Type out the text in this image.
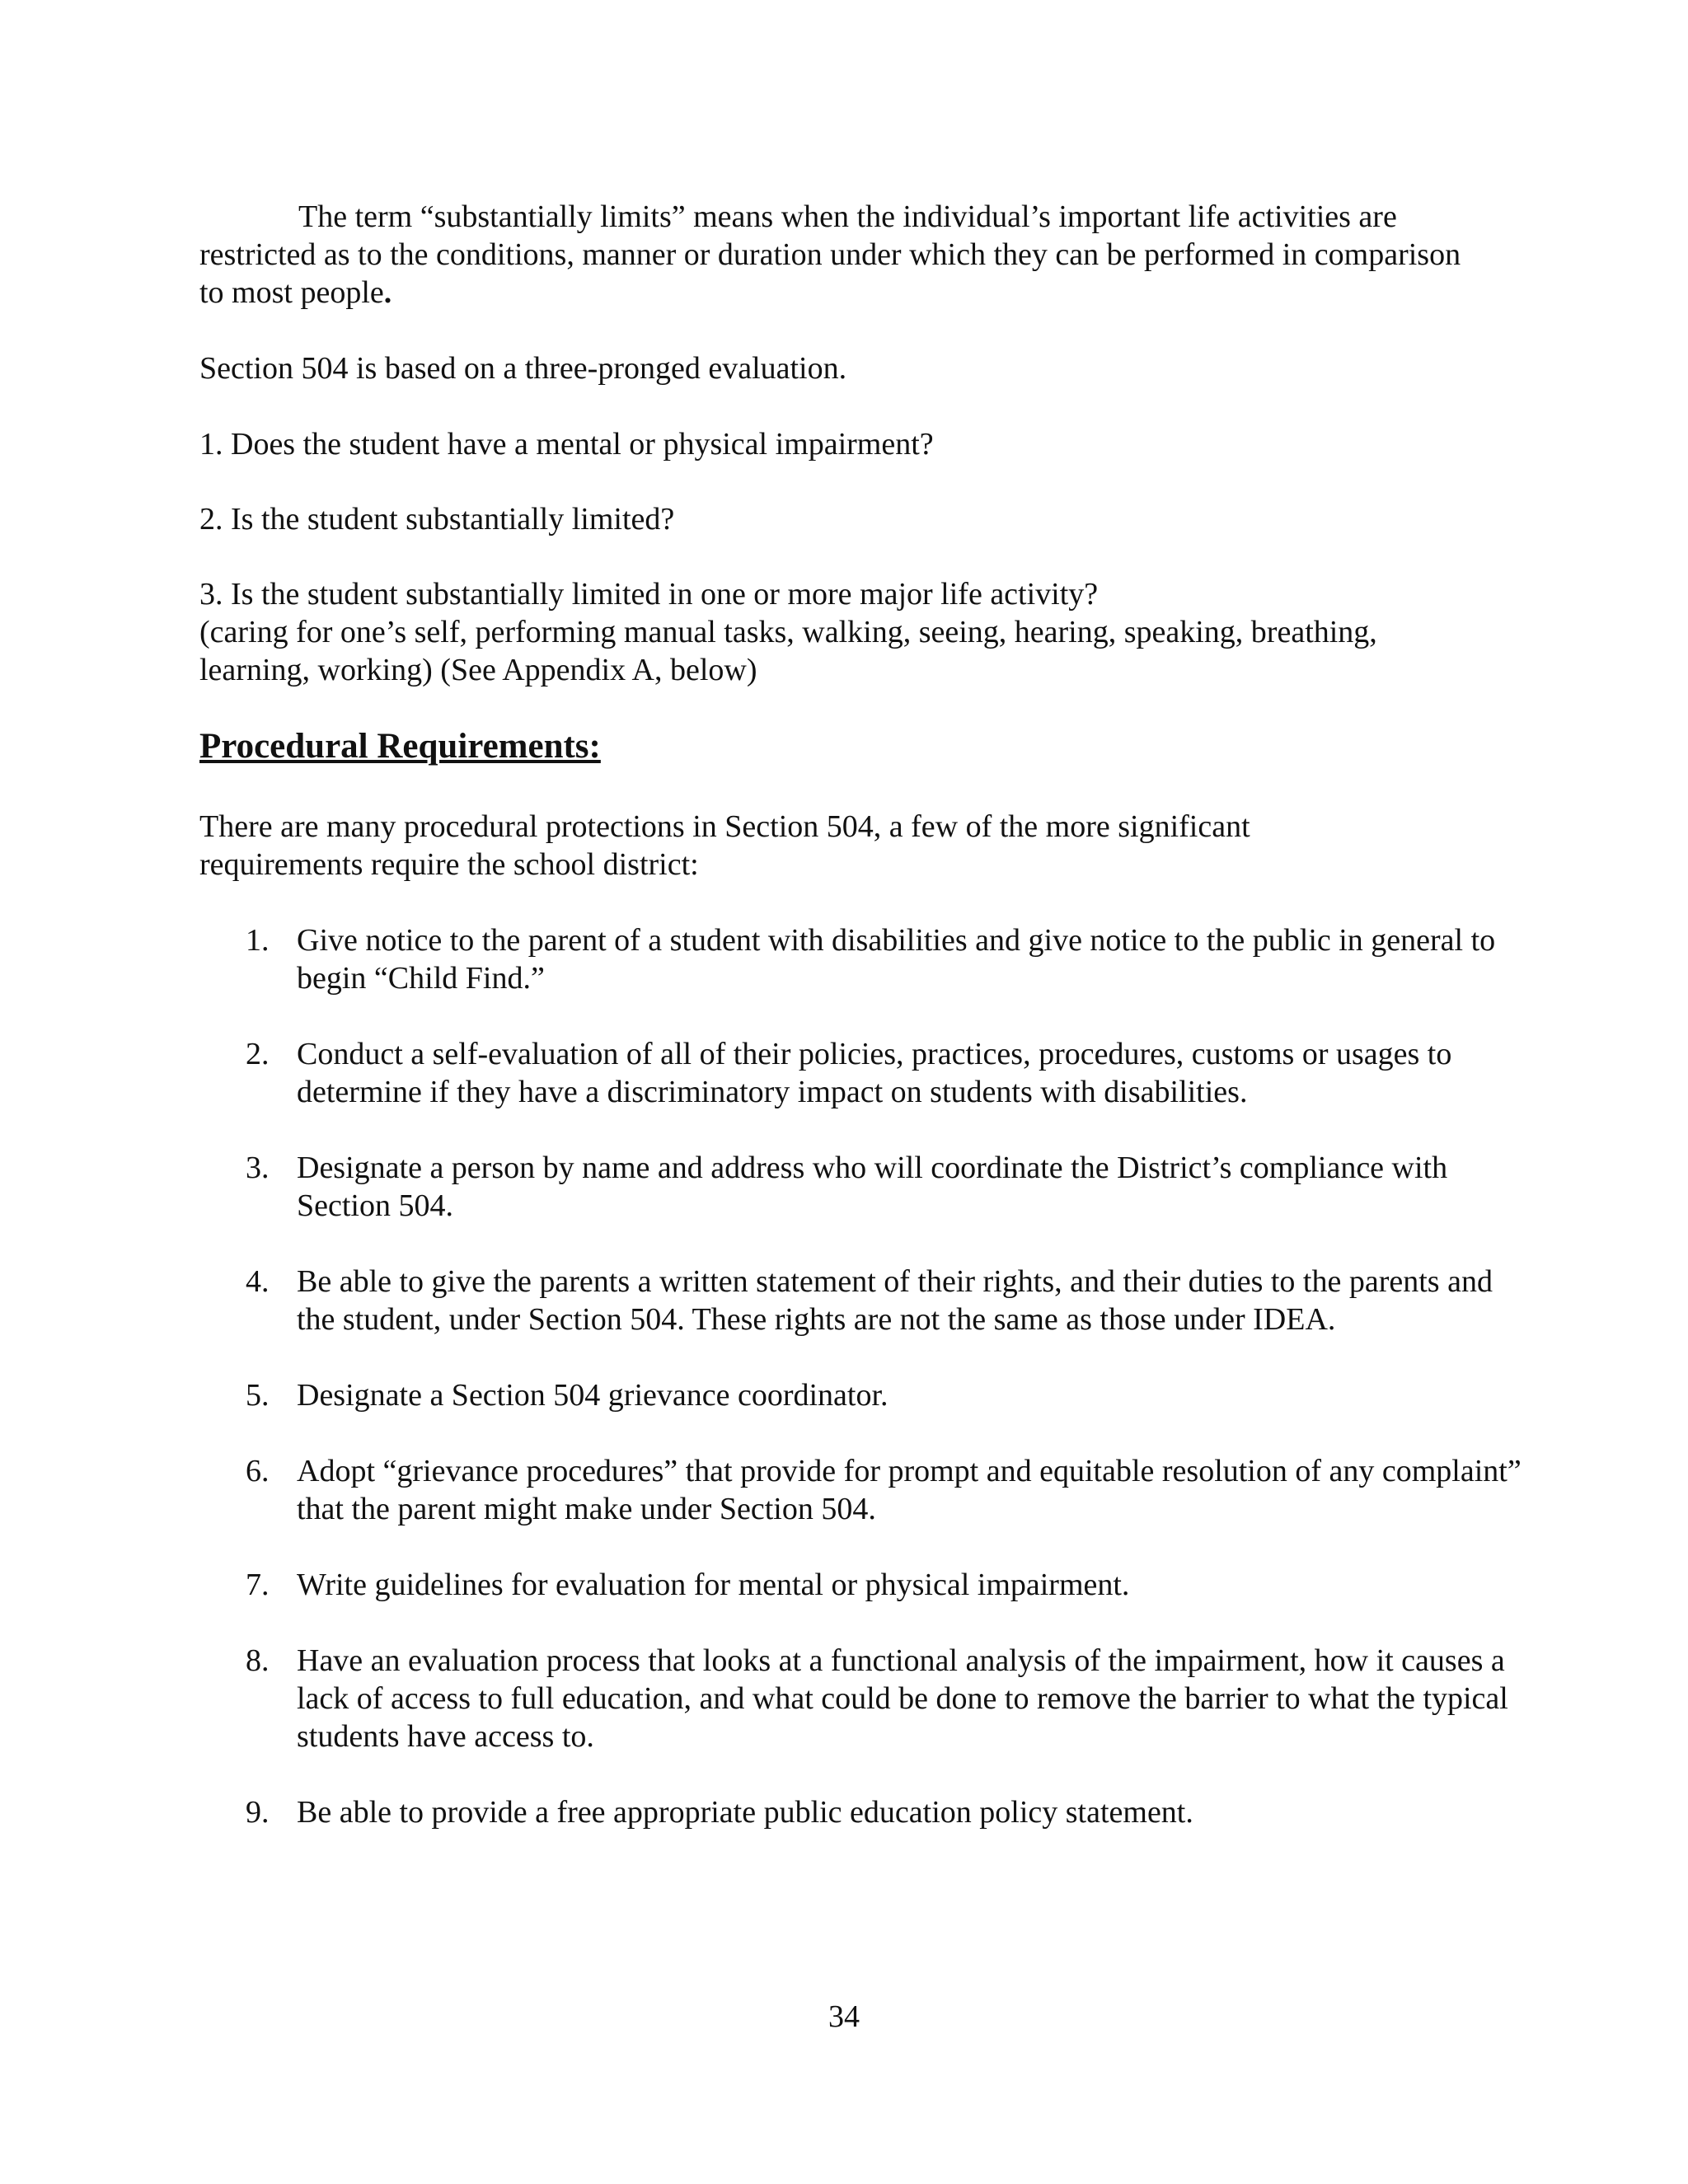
The term “substantially limits” means when the individual’s important life activities are restricted as to the conditions, manner or duration under which they can be performed in comparison to most people.

Section 504 is based on a three-pronged evaluation.

1. Does the student have a mental or physical impairment?

2. Is the student substantially limited?

3. Is the student substantially limited in one or more major life activity?

(caring for one’s self, performing manual tasks, walking, seeing, hearing, speaking, breathing, learning, working) (See Appendix A, below)

Procedural Requirements:

There are many procedural protections in Section 504, a few of the more significant requirements require the school district:

1. Give notice to the parent of a student with disabilities and give notice to the public in general to begin “Child Find.”
2. Conduct a self-evaluation of all of their policies, practices, procedures, customs or usages to determine if they have a discriminatory impact on students with disabilities.
3. Designate a person by name and address who will coordinate the District’s compliance with Section 504.
4. Be able to give the parents a written statement of their rights, and their duties to the parents and the student, under Section 504. These rights are not the same as those under IDEA.
5. Designate a Section 504 grievance coordinator.
6. Adopt “grievance procedures” that provide for prompt and equitable resolution of any complaint” that the parent might make under Section 504.
7. Write guidelines for evaluation for mental or physical impairment.
8. Have an evaluation process that looks at a functional analysis of the impairment, how it causes a lack of access to full education, and what could be done to remove the barrier to what the typical students have access to.
9. Be able to provide a free appropriate public education policy statement.
34
